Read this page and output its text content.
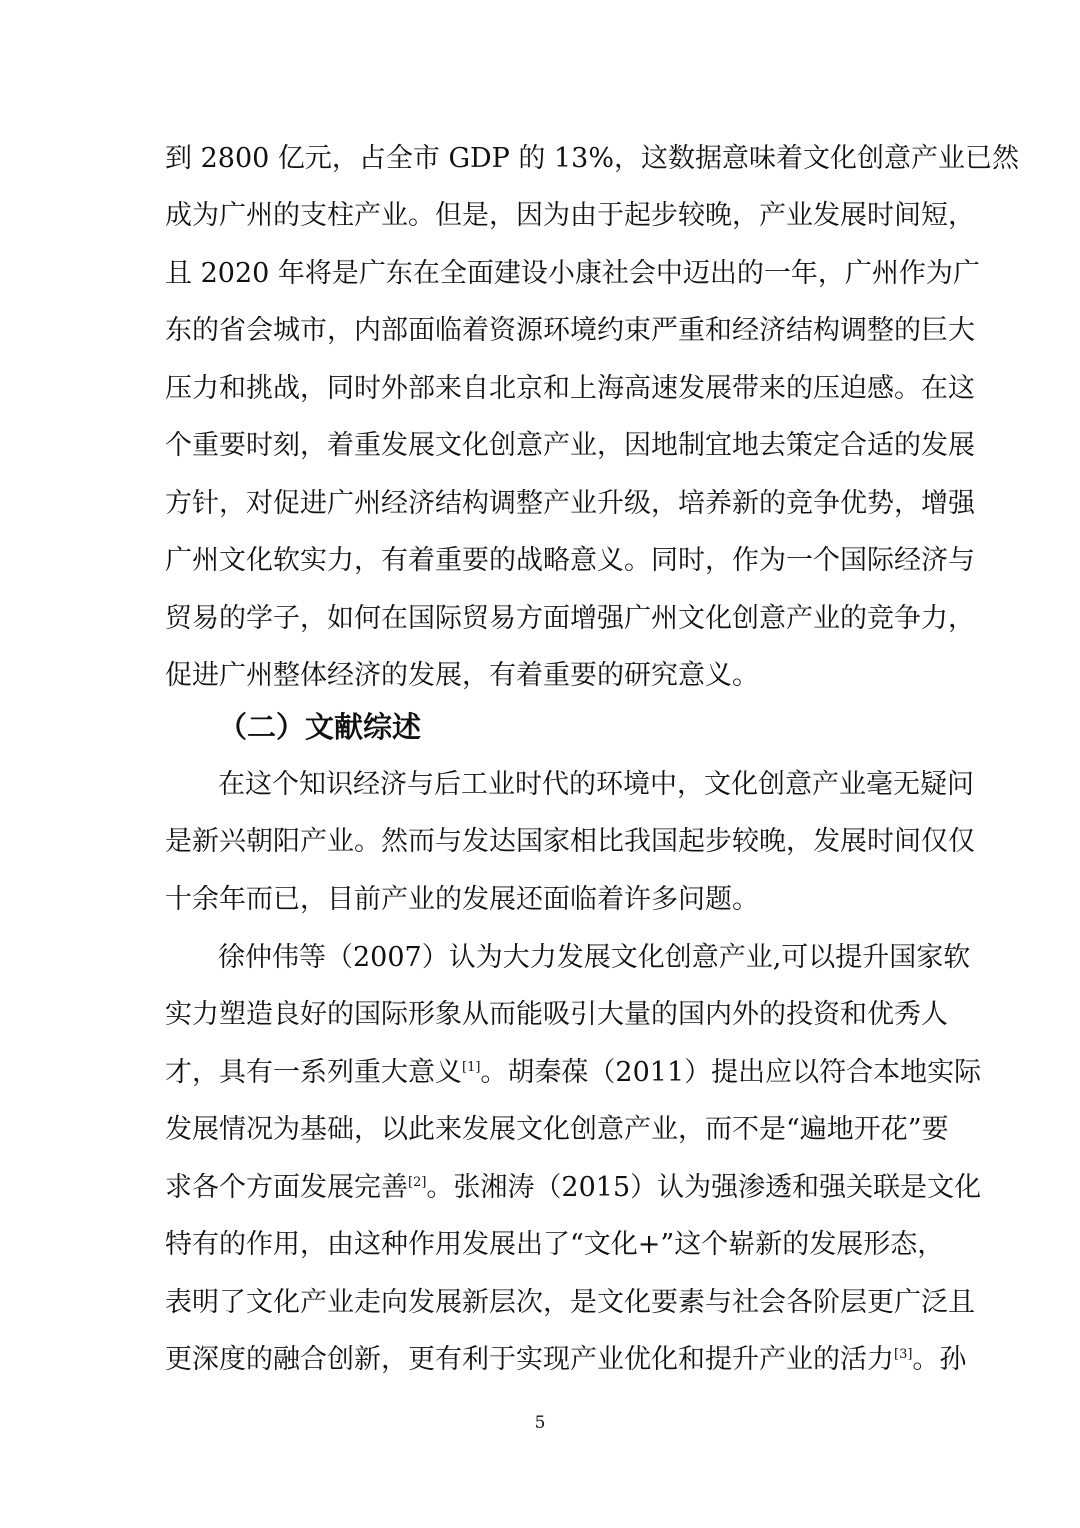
到 2800 亿元，占全市 GDP 的 13%，这数据意味着文化创意产业已然
成为广州的支柱产业。但是，因为由于起步较晚，产业发展时间短，
且 2020 年将是广东在全面建设小康社会中迈出的一年，广州作为广
东的省会城市，内部面临着资源环境约束严重和经济结构调整的巨大
压力和挑战，同时外部来自北京和上海高速发展带来的压迫感。在这
个重要时刻，着重发展文化创意产业，因地制宜地去策定合适的发展
方针，对促进广州经济结构调整产业升级，培养新的竞争优势，增强
广州文化软实力，有着重要的战略意义。同时，作为一个国际经济与
贸易的学子，如何在国际贸易方面增强广州文化创意产业的竞争力，
促进广州整体经济的发展，有着重要的研究意义。
（二）文献综述
在这个知识经济与后工业时代的环境中，文化创意产业毫无疑问
是新兴朝阳产业。然而与发达国家相比我国起步较晚，发展时间仅仅
十余年而已，目前产业的发展还面临着许多问题。
徐仲伟等（2007）认为大力发展文化创意产业,可以提升国家软
实力塑造良好的国际形象从而能吸引大量的国内外的投资和优秀人
才，具有一系列重大意义[1]。胡秦葆（2011）提出应以符合本地实际
发展情况为基础，以此来发展文化创意产业，而不是“遍地开花”要
求各个方面发展完善[2]。张湘涛（2015）认为强渗透和强关联是文化
特有的作用，由这种作用发展出了“文化+”这个崭新的发展形态，
表明了文化产业走向发展新层次，是文化要素与社会各阶层更广泛且
更深度的融合创新，更有利于实现产业优化和提升产业的活力[3]。孙
5
